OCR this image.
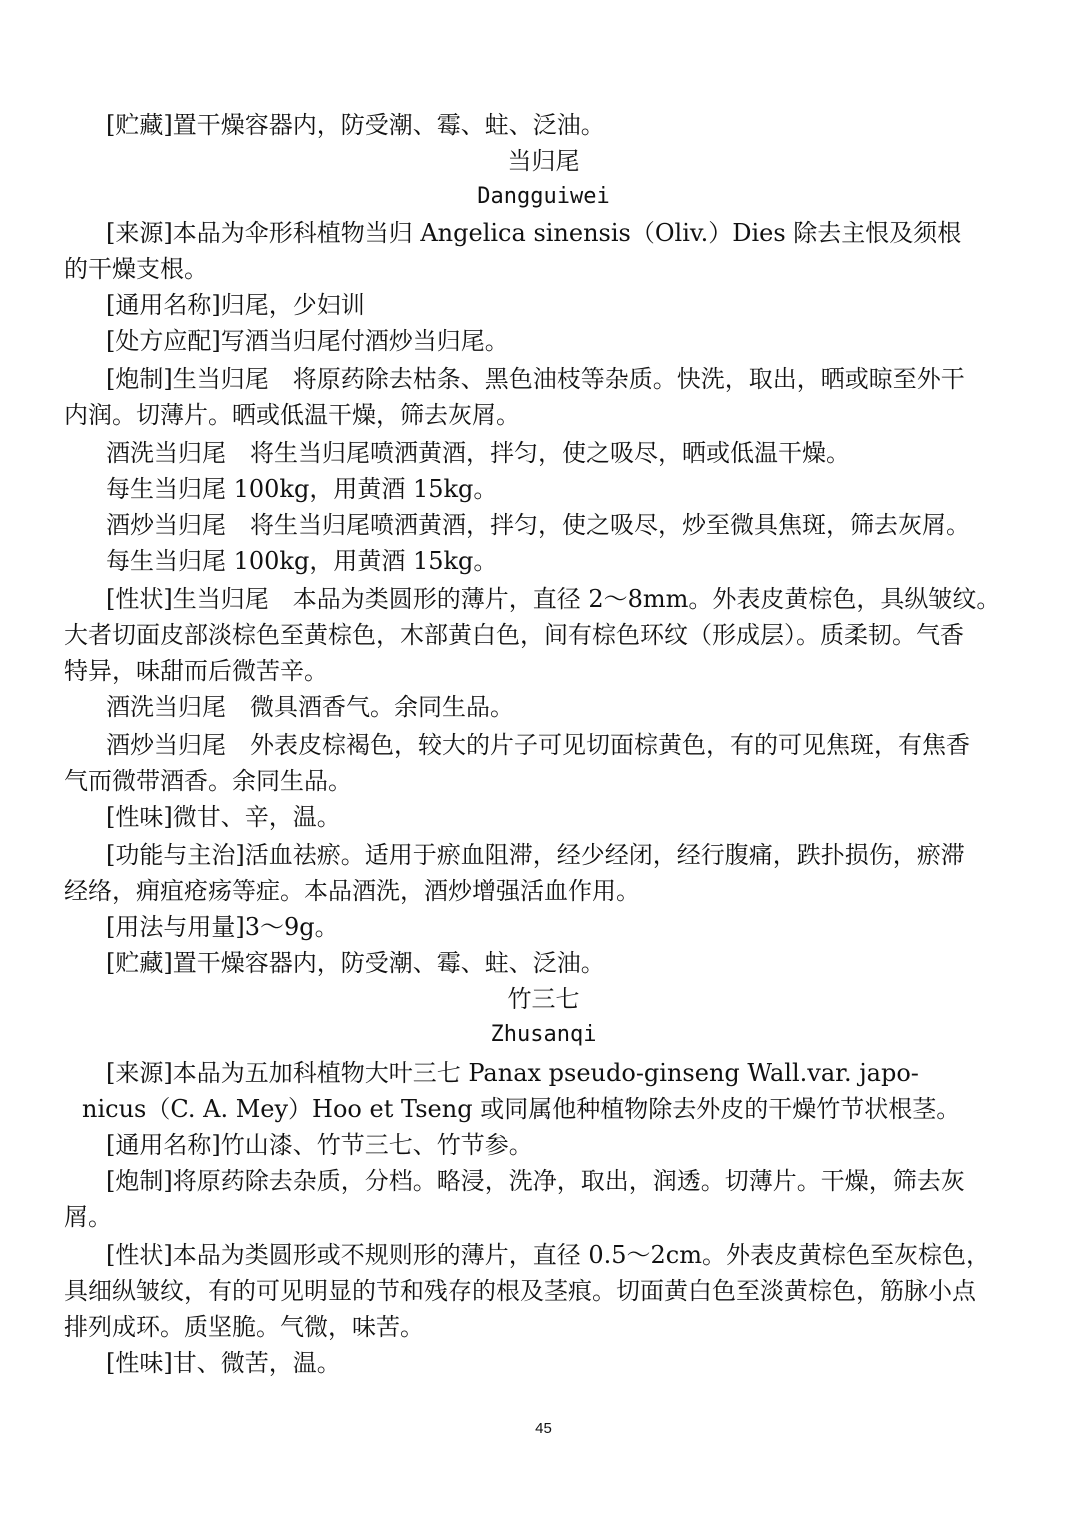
[贮藏]置干燥容器内，防受潮、霉、蛀、泛油。
当归尾
Dangguiwei
[来源]本品为伞形科植物当归 Angelica sinensis（Oliv.）Dies 除去主恨及须根
的干燥支根。
[通用名称]归尾，少妇训
[处方应配]写酒当归尾付酒炒当归尾。
[炮制]生当归尾　将原药除去枯条、黑色油枝等杂质。快洗，取出，晒或晾至外干
内润。切薄片。晒或低温干燥，筛去灰屑。
酒洗当归尾　将生当归尾喷洒黄酒，拌匀，使之吸尽，晒或低温干燥。
每生当归尾 100kg，用黄酒 15kg。
酒炒当归尾　将生当归尾喷洒黄酒，拌匀，使之吸尽，炒至微具焦斑，筛去灰屑。
每生当归尾 100kg，用黄酒 15kg。
[性状]生当归尾　本品为类圆形的薄片，直径 2～8mm。外表皮黄棕色，具纵皱纹。
大者切面皮部淡棕色至黄棕色，木部黄白色，间有棕色环纹（形成层）。质柔韧。气香
特异，味甜而后微苦辛。
酒洗当归尾　微具酒香气。余同生品。
酒炒当归尾　外表皮棕褐色，较大的片子可见切面棕黄色，有的可见焦斑，有焦香
气而微带酒香。余同生品。
[性味]微甘、辛，温。
[功能与主治]活血祛瘀。适用于瘀血阻滞，经少经闭，经行腹痛，跌扑损伤，瘀滞
经络，痈疽疮疡等症。本品酒洗，酒炒增强活血作用。
[用法与用量]3～9g。
[贮藏]置干燥容器内，防受潮、霉、蛀、泛油。
竹三七
Zhusanqi
[来源]本品为五加科植物大叶三七 Panax pseudo-ginseng Wall.var. japo-
nicus（C. A. Mey）Hoo et Tseng 或同属他种植物除去外皮的干燥竹节状根茎。
[通用名称]竹山漆、竹节三七、竹节参。
[炮制]将原药除去杂质，分档。略浸，洗净，取出，润透。切薄片。干燥，筛去灰
屑。
[性状]本品为类圆形或不规则形的薄片，直径 0.5～2cm。外表皮黄棕色至灰棕色，
具细纵皱纹，有的可见明显的节和残存的根及茎痕。切面黄白色至淡黄棕色，筋脉小点
排列成环。质坚脆。气微，味苦。
[性味]甘、微苦，温。
45
